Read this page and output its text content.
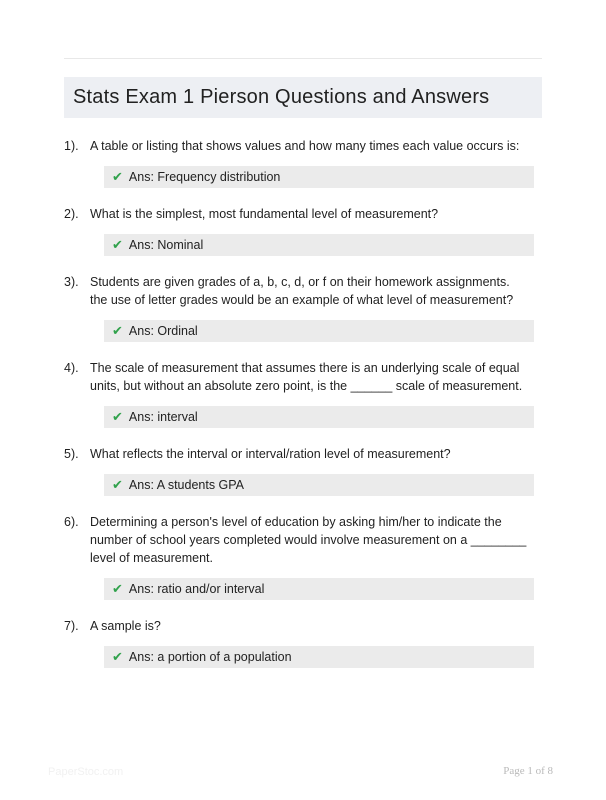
Stats Exam 1 Pierson Questions and Answers
1). A table or listing that shows values and how many times each value occurs is:

✔ Ans: Frequency distribution
2). What is the simplest, most fundamental level of measurement?

✔ Ans: Nominal
3). Students are given grades of a, b, c, d, or f on their homework assignments. the use of letter grades would be an example of what level of measurement?

✔ Ans: Ordinal
4). The scale of measurement that assumes there is an underlying scale of equal units, but without an absolute zero point, is the ______ scale of measurement.

✔ Ans: interval
5). What reflects the interval or interval/ration level of measurement?

✔ Ans: A students GPA
6). Determining a person's level of education by asking him/her to indicate the number of school years completed would involve measurement on a ________ level of measurement.

✔ Ans: ratio and/or interval
7). A sample is?

✔ Ans: a portion of a population
PaperStoc.com	Page 1 of 8
